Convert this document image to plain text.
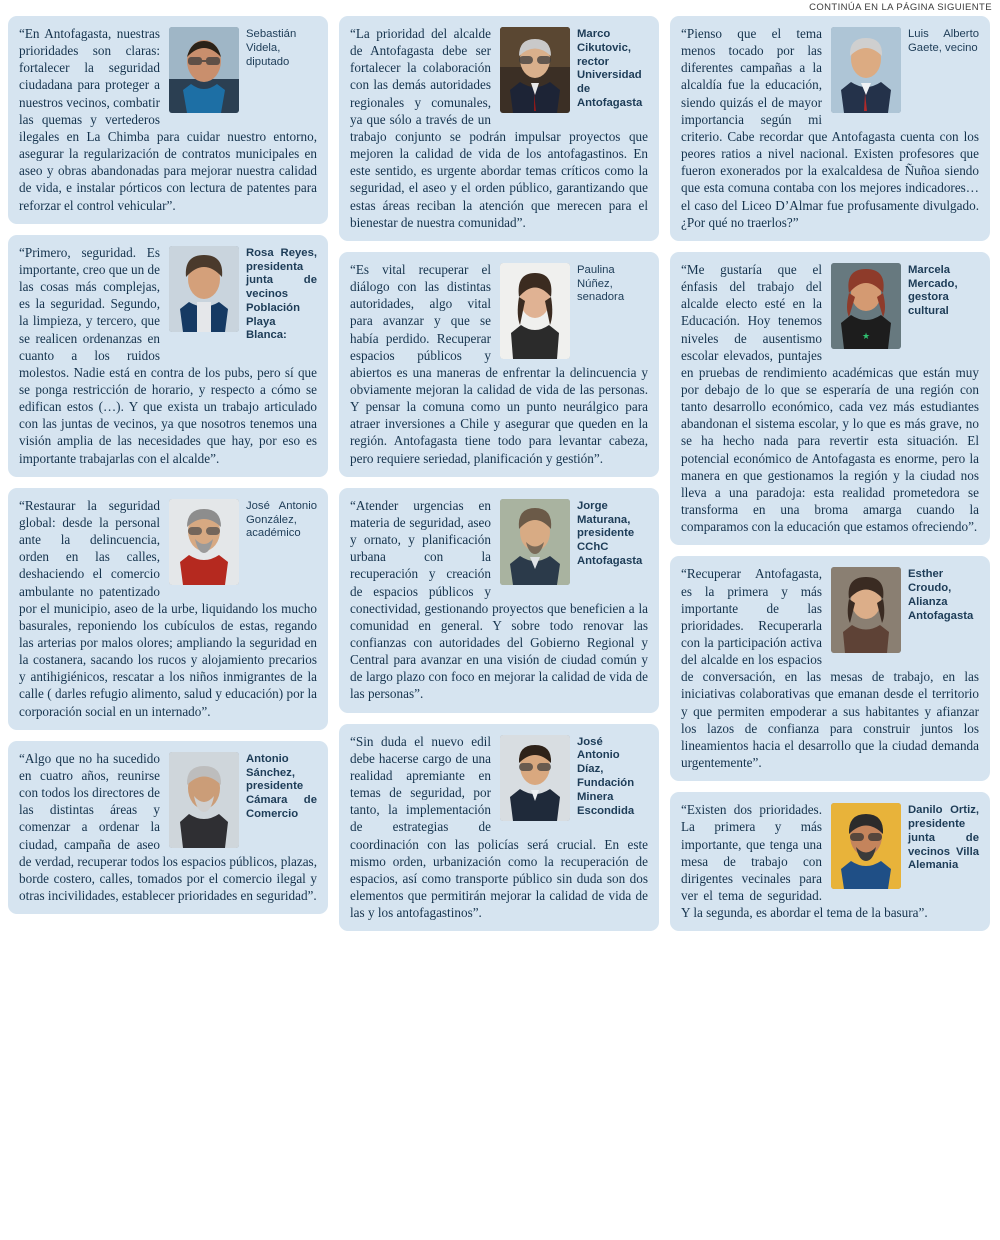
CONTINÚA EN LA PÁGINA SIGUIENTE
Sebastián Videla, diputado
“En Antofagasta, nuestras prioridades son claras: fortalecer la seguridad ciudadana para proteger a nuestros vecinos, combatir las quemas y vertederos ilegales en La Chimba para cuidar nuestro entorno, asegurar la regularización de contratos municipales en aseo y obras abandonadas para mejorar nuestra calidad de vida, e instalar pórticos con lectura de patentes para reforzar el control vehicular”.
Rosa Reyes, presidenta junta de vecinos Población Playa Blanca:
“Primero, seguridad. Es importante, creo que un de las cosas más complejas, es la seguridad. Segundo, la limpieza, y tercero, que se realicen ordenanzas en cuanto a los ruidos molestos. Nadie está en contra de los pubs, pero sí que se ponga restricción de horario, y respecto a cómo se edifican estos (…). Y que exista un trabajo articulado con las juntas de vecinos, ya que nosotros tenemos una visión amplia de las necesidades que hay, por eso es importante trabajarlas con el alcalde”.
José Antonio González, académico
“Restaurar la seguridad global: desde la personal ante la delincuencia, orden en las calles, deshaciendo el comercio ambulante no patentizado por el municipio, aseo de la urbe, liquidando los mucho basurales, reponiendo los cubículos de estas, regando las arterias por malos olores; ampliando la seguridad en la costanera, sacando los rucos y alojamiento precarios y antihigiénicos, rescatar a los niños inmigrantes de la calle ( darles refugio alimento, salud y educación) por la corporación social en un internado”.
Antonio Sánchez, presidente Cámara de Comercio
“Algo que no ha sucedido en cuatro años, reunirse con todos los directores de las distintas áreas y comenzar a ordenar la ciudad, campaña de aseo de verdad, recuperar todos los espacios públicos, plazas, borde costero, calles, tomados por el comercio ilegal y otras incivilidades, establecer prioridades en seguridad”.
Marco Cikutovic, rector Universidad de Antofagasta
“La prioridad del alcalde de Antofagasta debe ser fortalecer la colaboración con las demás autoridades regionales y comunales, ya que sólo a través de un trabajo conjunto se podrán impulsar proyectos que mejoren la calidad de vida de los antofagastinos. En este sentido, es urgente abordar temas críticos como la seguridad, el aseo y el orden público, garantizando que estas áreas reciban la atención que merecen para el bienestar de nuestra comunidad”.
Paulina Núñez, senadora
“Es vital recuperar el diálogo con las distintas autoridades, algo vital para avanzar y que se había perdido. Recuperar espacios públicos y abiertos es una maneras de enfrentar la delincuencia y obviamente mejoran la calidad de vida de las personas. Y pensar la comuna como un punto neurálgico para atraer inversiones a Chile y asegurar que queden en la región. Antofagasta tiene todo para levantar cabeza, pero requiere seriedad, planificación y gestión”.
Jorge Maturana, presidente CChC Antofagasta
“Atender urgencias en materia de seguridad, aseo y ornato, y planificación urbana con la recuperación y creación de espacios públicos y conectividad, gestionando proyectos que beneficien a la comunidad en general. Y sobre todo renovar las confianzas con autoridades del Gobierno Regional y Central para avanzar en una visión de ciudad común y de largo plazo con foco en mejorar la calidad de vida de las personas”.
José Antonio Díaz, Fundación Minera Escondida
“Sin duda el nuevo edil debe hacerse cargo de una realidad apremiante en temas de seguridad, por tanto, la implementación de estrategias de coordinación con las policías será crucial. En este mismo orden, urbanización como la recuperación de espacios, así como transporte público sin duda son dos elementos que permitirán mejorar la calidad de vida de las y los antofagastinos”.
Luis Alberto Gaete, vecino
“Pienso que el tema menos tocado por las diferentes campañas a la alcaldía fue la educación, siendo quizás el de mayor importancia según mi criterio. Cabe recordar que Antofagasta cuenta con los peores ratios a nivel nacional. Existen profesores que fueron exonerados por la exalcaldesa de Ñuñoa siendo que esta comuna contaba con los mejores indicadores… el caso del Liceo D’Almar fue profusamente divulgado. ¿Por qué no traerlos?”
★
Marcela Mercado, gestora cultural
“Me gustaría que el énfasis del trabajo del alcalde electo esté en la Educación. Hoy tenemos niveles de ausentismo escolar elevados, puntajes en pruebas de rendimiento académicas que están muy por debajo de lo que se esperaría de una región con tanto desarrollo económico, cada vez más estudiantes abandonan el sistema escolar, y lo que es más grave, no se ha hecho nada para revertir esta situación. El potencial económico de Antofagasta es enorme, pero la manera en que gestionamos la región y la ciudad nos lleva a una paradoja: esta realidad prometedora se transforma en una broma amarga cuando la comparamos con la educación que estamos ofreciendo”.
Esther Croudo, Alianza Antofagasta
“Recuperar Antofagasta, es la primera y más importante de las prioridades. Recuperarla con la participación activa del alcalde en los espacios de conversación, en las mesas de trabajo, en las iniciativas colaborativas que emanan desde el territorio y que permiten empoderar a sus habitantes y afianzar los lazos de confianza para construir juntos los lineamientos hacia el desarrollo que la ciudad demanda urgentemente”.
Danilo Ortiz, presidente junta de vecinos Villa Alemania
“Existen dos prioridades. La primera y más importante, que tenga una mesa de trabajo con dirigentes vecinales para ver el tema de seguridad. Y la segunda, es abordar el tema de la basura”.
